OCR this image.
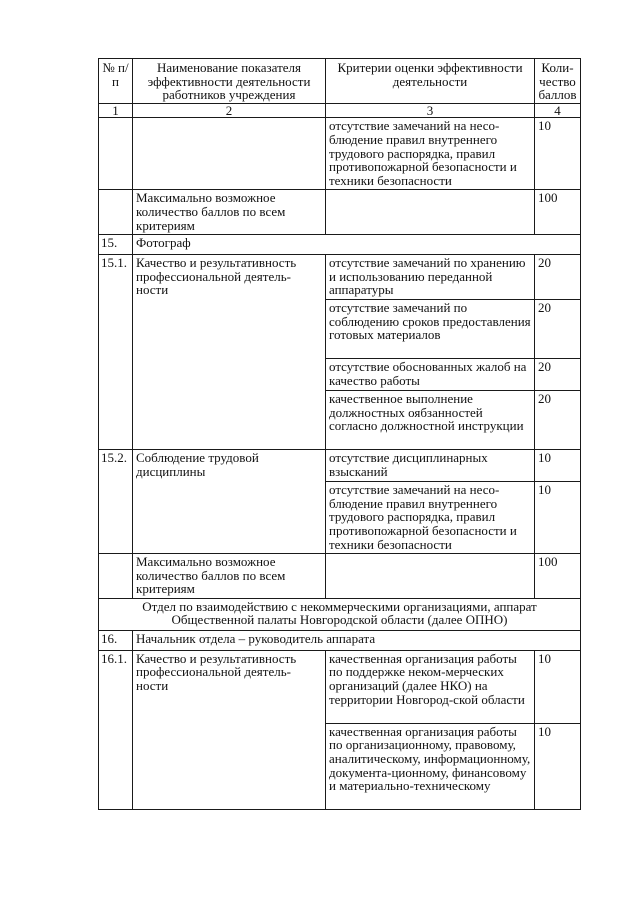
№ п/п	Наименование показателя эффективности деятельности работников учреждения	Критерии оценки эффективности деятельности	Коли-чество баллов
1	2	3	4
		отсутствие замечаний на несо-блюдение правил внутреннего трудового распорядка, правил противопожарной безопасности и техники безопасности	10
	Максимально возможное количество баллов по всем критериям		100
15.	Фотограф		
15.1.	Качество и результативность профессиональной деятель-ности	отсутствие замечаний по хранению и использованию переданной аппаратуры	20
		отсутствие замечаний по соблюдению сроков предоставления готовых материалов	20
		отсутствие обоснованных жалоб на качество работы	20
		качественное выполнение должностных оябзанностей согласно должностной инструкции	20
15.2.	Соблюдение трудовой дисциплины	отсутствие дисциплинарных взысканий	10
		отсутствие замечаний на несо-блюдение правил внутреннего трудового распорядка, правил противопожарной безопасности и техники безопасности	10
	Максимально возможное количество баллов по всем критериям		100
Отдел по взаимодействию с некоммерческими организациями, аппарат Общественной палаты Новгородской области (далее ОПНО)			
16.	Начальник отдела – руководитель аппарата		
16.1.	Качество и результативность профессиональной деятель-ности	качественная организация работы по поддержке неком-мерческих организаций (далее НКО) на территории Новгород-ской области	10
		качественная организация работы по организационному, правовому, аналитическому, информационному, документа-ционному, финансовому и материально-техническому	10
